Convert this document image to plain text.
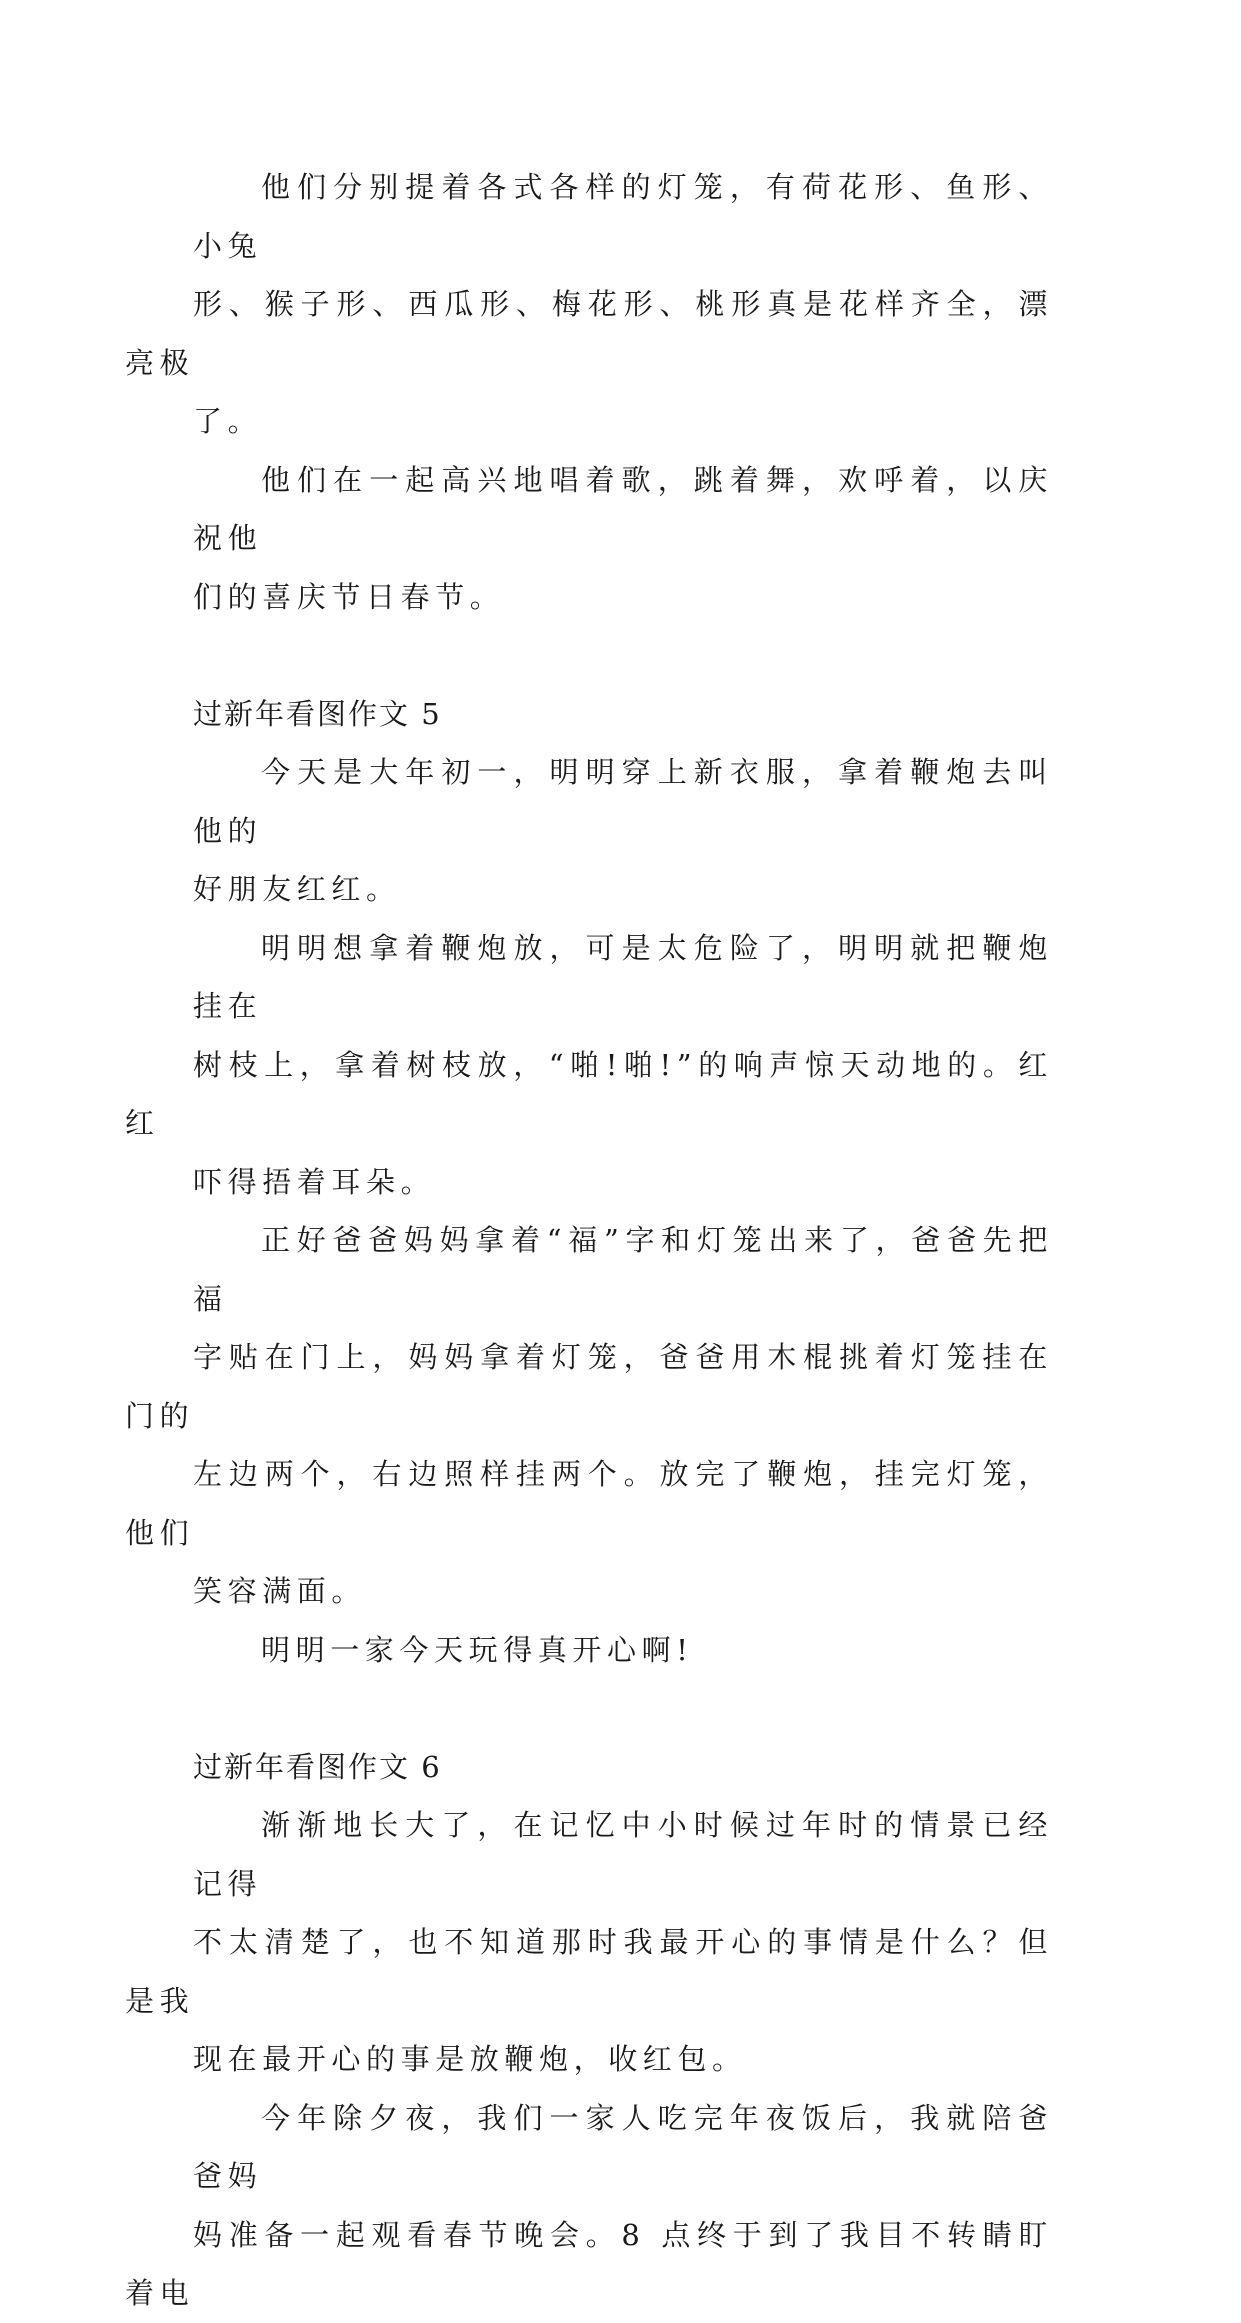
他们分别提着各式各样的灯笼，有荷花形、鱼形、小兔
形、猴子形、西瓜形、梅花形、桃形真是花样齐全，漂亮极
了。

他们在一起高兴地唱着歌，跳着舞，欢呼着，以庆祝他
们的喜庆节日春节。

过新年看图作文 5

今天是大年初一，明明穿上新衣服，拿着鞭炮去叫他的
好朋友红红。

明明想拿着鞭炮放，可是太危险了，明明就把鞭炮挂在
树枝上，拿着树枝放，“啪!啪!”的响声惊天动地的。红红
吓得捂着耳朵。

正好爸爸妈妈拿着“福”字和灯笼出来了，爸爸先把福
字贴在门上，妈妈拿着灯笼，爸爸用木棍挑着灯笼挂在门的
左边两个，右边照样挂两个。放完了鞭炮，挂完灯笼，他们
笑容满面。

明明一家今天玩得真开心啊!

过新年看图作文 6

渐渐地长大了，在记忆中小时候过年时的情景已经记得
不太清楚了，也不知道那时我最开心的事情是什么？但是我
现在最开心的事是放鞭炮，收红包。

今年除夕夜，我们一家人吃完年夜饭后，我就陪爸爸妈
妈准备一起观看春节晚会。8 点终于到了我目不转睛盯着电
